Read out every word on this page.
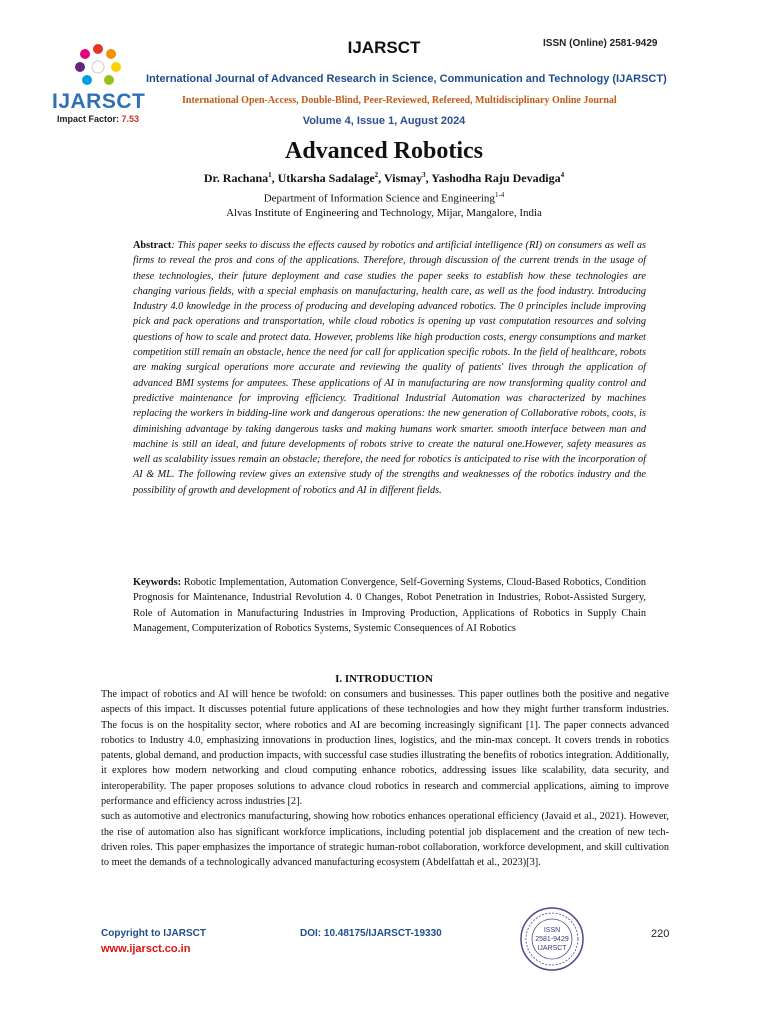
IJARSCT
Impact Factor: 7.53
IJARSCT	ISSN (Online) 2581-9429
International Journal of Advanced Research in Science, Communication and Technology (IJARSCT)
International Open-Access, Double-Blind, Peer-Reviewed, Refereed, Multidisciplinary Online Journal
Volume 4, Issue 1, August 2024
Advanced Robotics
Dr. Rachana$^1$, Utkarsha Sadalage$^2$, Vismay$^3$, Yashodha Raju Devadiga$^4$
Department of Information Science and Engineering$^{1-4}$
Alvas Institute of Engineering and Technology, Mijar, Mangalore, India
Abstract: This paper seeks to discuss the effects caused by robotics and artificial intelligence (RI) on consumers as well as firms to reveal the pros and cons of the applications. Therefore, through discussion of the current trends in the usage of these technologies, their future deployment and case studies the paper seeks to establish how these technologies are changing various fields, with a special emphasis on manufacturing, health care, as well as the food industry. Introducing Industry 4.0 knowledge in the process of producing and developing advanced robotics. The 0 principles include improving pick and pack operations and transportation, while cloud robotics is opening up vast computation resources and solving questions of how to scale and protect data. However, problems like high production costs, energy consumptions and market competition still remain an obstacle, hence the need for call for application specific robots. In the field of healthcare, robots are making surgical operations more accurate and reviewing the quality of patients' lives through the application of advanced BMI systems for amputees. These applications of AI in manufacturing are now transforming quality control and predictive maintenance for improving efficiency. Traditional Industrial Automation was characterized by machines replacing the workers in bidding-line work and dangerous operations: the new generation of Collaborative robots, coots, is diminishing advantage by taking dangerous tasks and making humans work smarter. smooth interface between man and machine is still an ideal, and future developments of robots strive to create the natural one.However, safety measures as well as scalability issues remain an obstacle; therefore, the need for robotics is anticipated to rise with the incorporation of AI & ML. The following review gives an extensive study of the strengths and weaknesses of the robotics industry and the possibility of growth and development of robotics and AI in different fields.
Keywords: Robotic Implementation, Automation Convergence, Self-Governing Systems, Cloud-Based Robotics, Condition Prognosis for Maintenance, Industrial Revolution 4. 0 Changes, Robot Penetration in Industries, Robot-Assisted Surgery, Role of Automation in Manufacturing Industries in Improving Production, Applications of Robotics in Supply Chain Management, Computerization of Robotics Systems, Systemic Consequences of AI Robotics
I. INTRODUCTION

The impact of robotics and AI will hence be twofold: on consumers and businesses. This paper outlines both the positive and negative aspects of this impact. It discusses potential future applications of these technologies and how they might further transform industries. The focus is on the hospitality sector, where robotics and AI are becoming increasingly significant [1]. The paper connects advanced robotics to Industry 4.0, emphasizing innovations in production lines, logistics, and the min-max concept. It covers trends in robotics patents, global demand, and production impacts, with successful case studies illustrating the benefits of robotics integration. Additionally, it explores how modern networking and cloud computing enhance robotics, addressing issues like scalability, data security, and interoperability. The paper proposes solutions to advance cloud robotics in research and commercial applications, aiming to improve performance and efficiency across industries [2].

such as automotive and electronics manufacturing, showing how robotics enhances operational efficiency (Javaid et al., 2021). However, the rise of automation also has significant workforce implications, including potential job displacement and the creation of new tech-driven roles. This paper emphasizes the importance of strategic human-robot collaboration, workforce development, and skill cultivation to meet the demands of a technologically advanced manufacturing ecosystem (Abdelfattah et al., 2023)[3].

Copyright to IJARSCT
www.ijarsct.co.in
DOI: 10.48175/IJARSCT-19330	ISSN
2581-9429
IJARSCT
220
